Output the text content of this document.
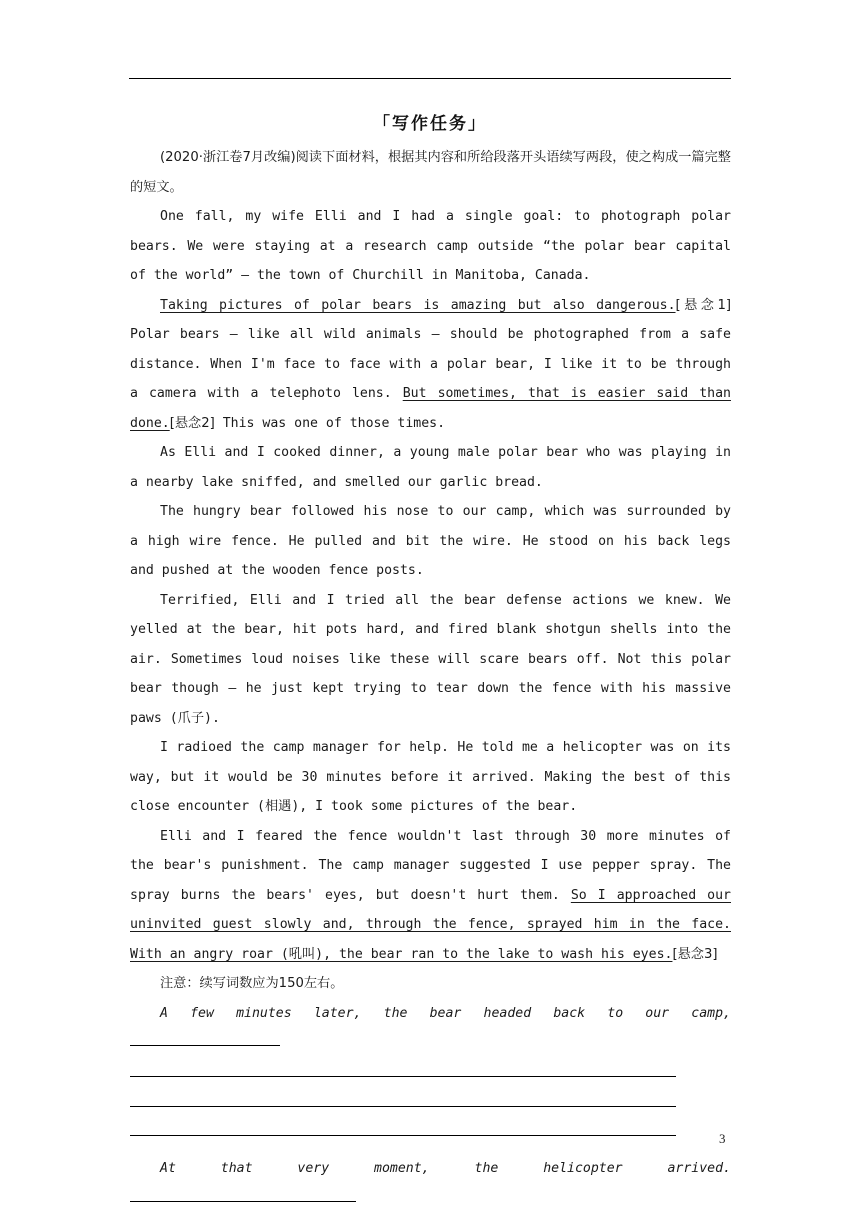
「写作任务」

(2020·浙江卷7月改编)阅读下面材料，根据其内容和所给段落开头语续写两段，使之构成一篇完整的短文。

One fall, my wife Elli and I had a single goal: to photograph polar bears. We were staying at a research camp outside “the polar bear capital of the world” — the town of Churchill in Manitoba, Canada.

Taking pictures of polar bears is amazing but also dangerous.[悬念1] Polar bears — like all wild animals — should be photographed from a safe distance. When I'm face to face with a polar bear, I like it to be through a camera with a telephoto lens. But sometimes, that is easier said than done.[悬念2] This was one of those times.

As Elli and I cooked dinner, a young male polar bear who was playing in a nearby lake sniffed, and smelled our garlic bread.

The hungry bear followed his nose to our camp, which was surrounded by a high wire fence. He pulled and bit the wire. He stood on his back legs and pushed at the wooden fence posts.

Terrified, Elli and I tried all the bear defense actions we knew. We yelled at the bear, hit pots hard, and fired blank shotgun shells into the air. Sometimes loud noises like these will scare bears off. Not this polar bear though — he just kept trying to tear down the fence with his massive paws (爪子).

I radioed the camp manager for help. He told me a helicopter was on its way, but it would be 30 minutes before it arrived. Making the best of this close encounter (相遇), I took some pictures of the bear.

Elli and I feared the fence wouldn't last through 30 more minutes of the bear's punishment. The camp manager suggested I use pepper spray. The spray burns the bears' eyes, but doesn't hurt them. So I approached our uninvited guest slowly and, through the fence, sprayed him in the face. With an angry roar (吼叫), the bear ran to the lake to wash his eyes.[悬念3]

注意：续写词数应为150左右。

A few minutes later, the bear headed back to our camp,

At that very moment, the helicopter arrived.

3
